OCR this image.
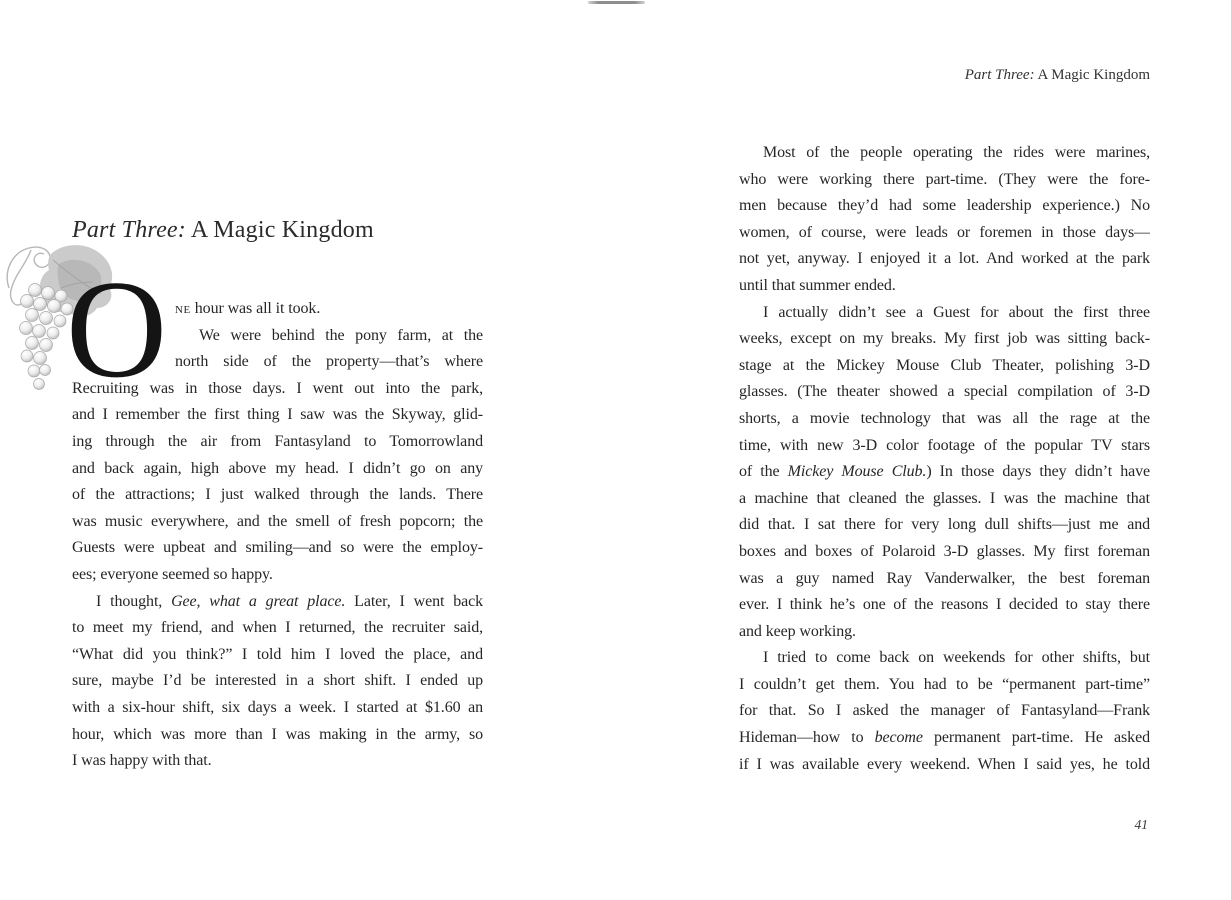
Part Three: A Magic Kingdom
O ne hour was all it took.
We were behind the pony farm, at the
north side of the property—that’s where
Recruiting was in those days. I went out into the park,
and I remember the first thing I saw was the Skyway, glid-
ing through the air from Fantasyland to Tomorrowland
and back again, high above my head. I didn’t go on any
of the attractions; I just walked through the lands. There
was music everywhere, and the smell of fresh popcorn; the
Guests were upbeat and smiling—and so were the employ-
ees; everyone seemed so happy.
I thought, Gee, what a great place. Later, I went back
to meet my friend, and when I returned, the recruiter said,
“What did you think?” I told him I loved the place, and
sure, maybe I’d be interested in a short shift. I ended up
with a six-hour shift, six days a week. I started at $1.60 an
hour, which was more than I was making in the army, so
I was happy with that.
Part Three: A Magic Kingdom
Most of the people operating the rides were marines,
who were working there part-time. (They were the fore-
men because they’d had some leadership experience.) No
women, of course, were leads or foremen in those days—
not yet, anyway. I enjoyed it a lot. And worked at the park
until that summer ended.
I actually didn’t see a Guest for about the first three
weeks, except on my breaks. My first job was sitting back-
stage at the Mickey Mouse Club Theater, polishing 3-D
glasses. (The theater showed a special compilation of 3-D
shorts, a movie technology that was all the rage at the
time, with new 3-D color footage of the popular TV stars
of the Mickey Mouse Club.) In those days they didn’t have
a machine that cleaned the glasses. I was the machine that
did that. I sat there for very long dull shifts—just me and
boxes and boxes of Polaroid 3-D glasses. My first foreman
was a guy named Ray Vanderwalker, the best foreman
ever. I think he’s one of the reasons I decided to stay there
and keep working.
I tried to come back on weekends for other shifts, but
I couldn’t get them. You had to be “permanent part-time”
for that. So I asked the manager of Fantasyland—Frank
Hideman—how to become permanent part-time. He asked
if I was available every weekend. When I said yes, he told
41
